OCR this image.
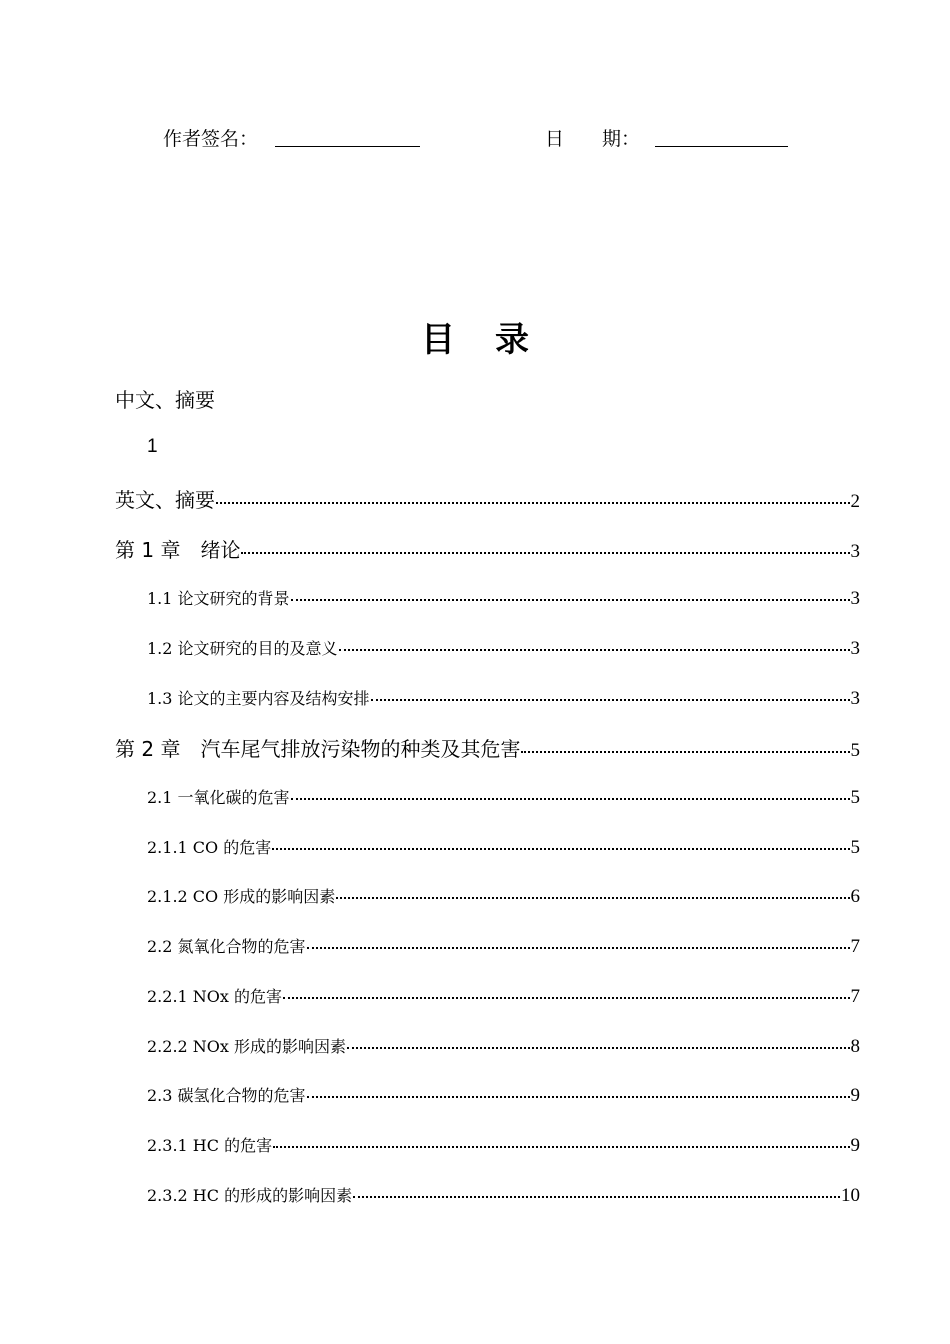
作者签名：	日　　期：
目录
中文、摘要
1
英文、摘要	2
第 1 章　绪论	3
1.1 论文研究的背景	3
1.2 论文研究的目的及意义	3
1.3 论文的主要内容及结构安排	3
第 2 章　汽车尾气排放污染物的种类及其危害	5
2.1 一氧化碳的危害	5
2.1.1 CO 的危害	5
2.1.2 CO 形成的影响因素	6
2.2 氮氧化合物的危害	7
2.2.1 NOx 的危害	7
2.2.2 NOx 形成的影响因素	8
2.3 碳氢化合物的危害	9
2.3.1 HC 的危害	9
2.3.2 HC 的形成的影响因素	10
